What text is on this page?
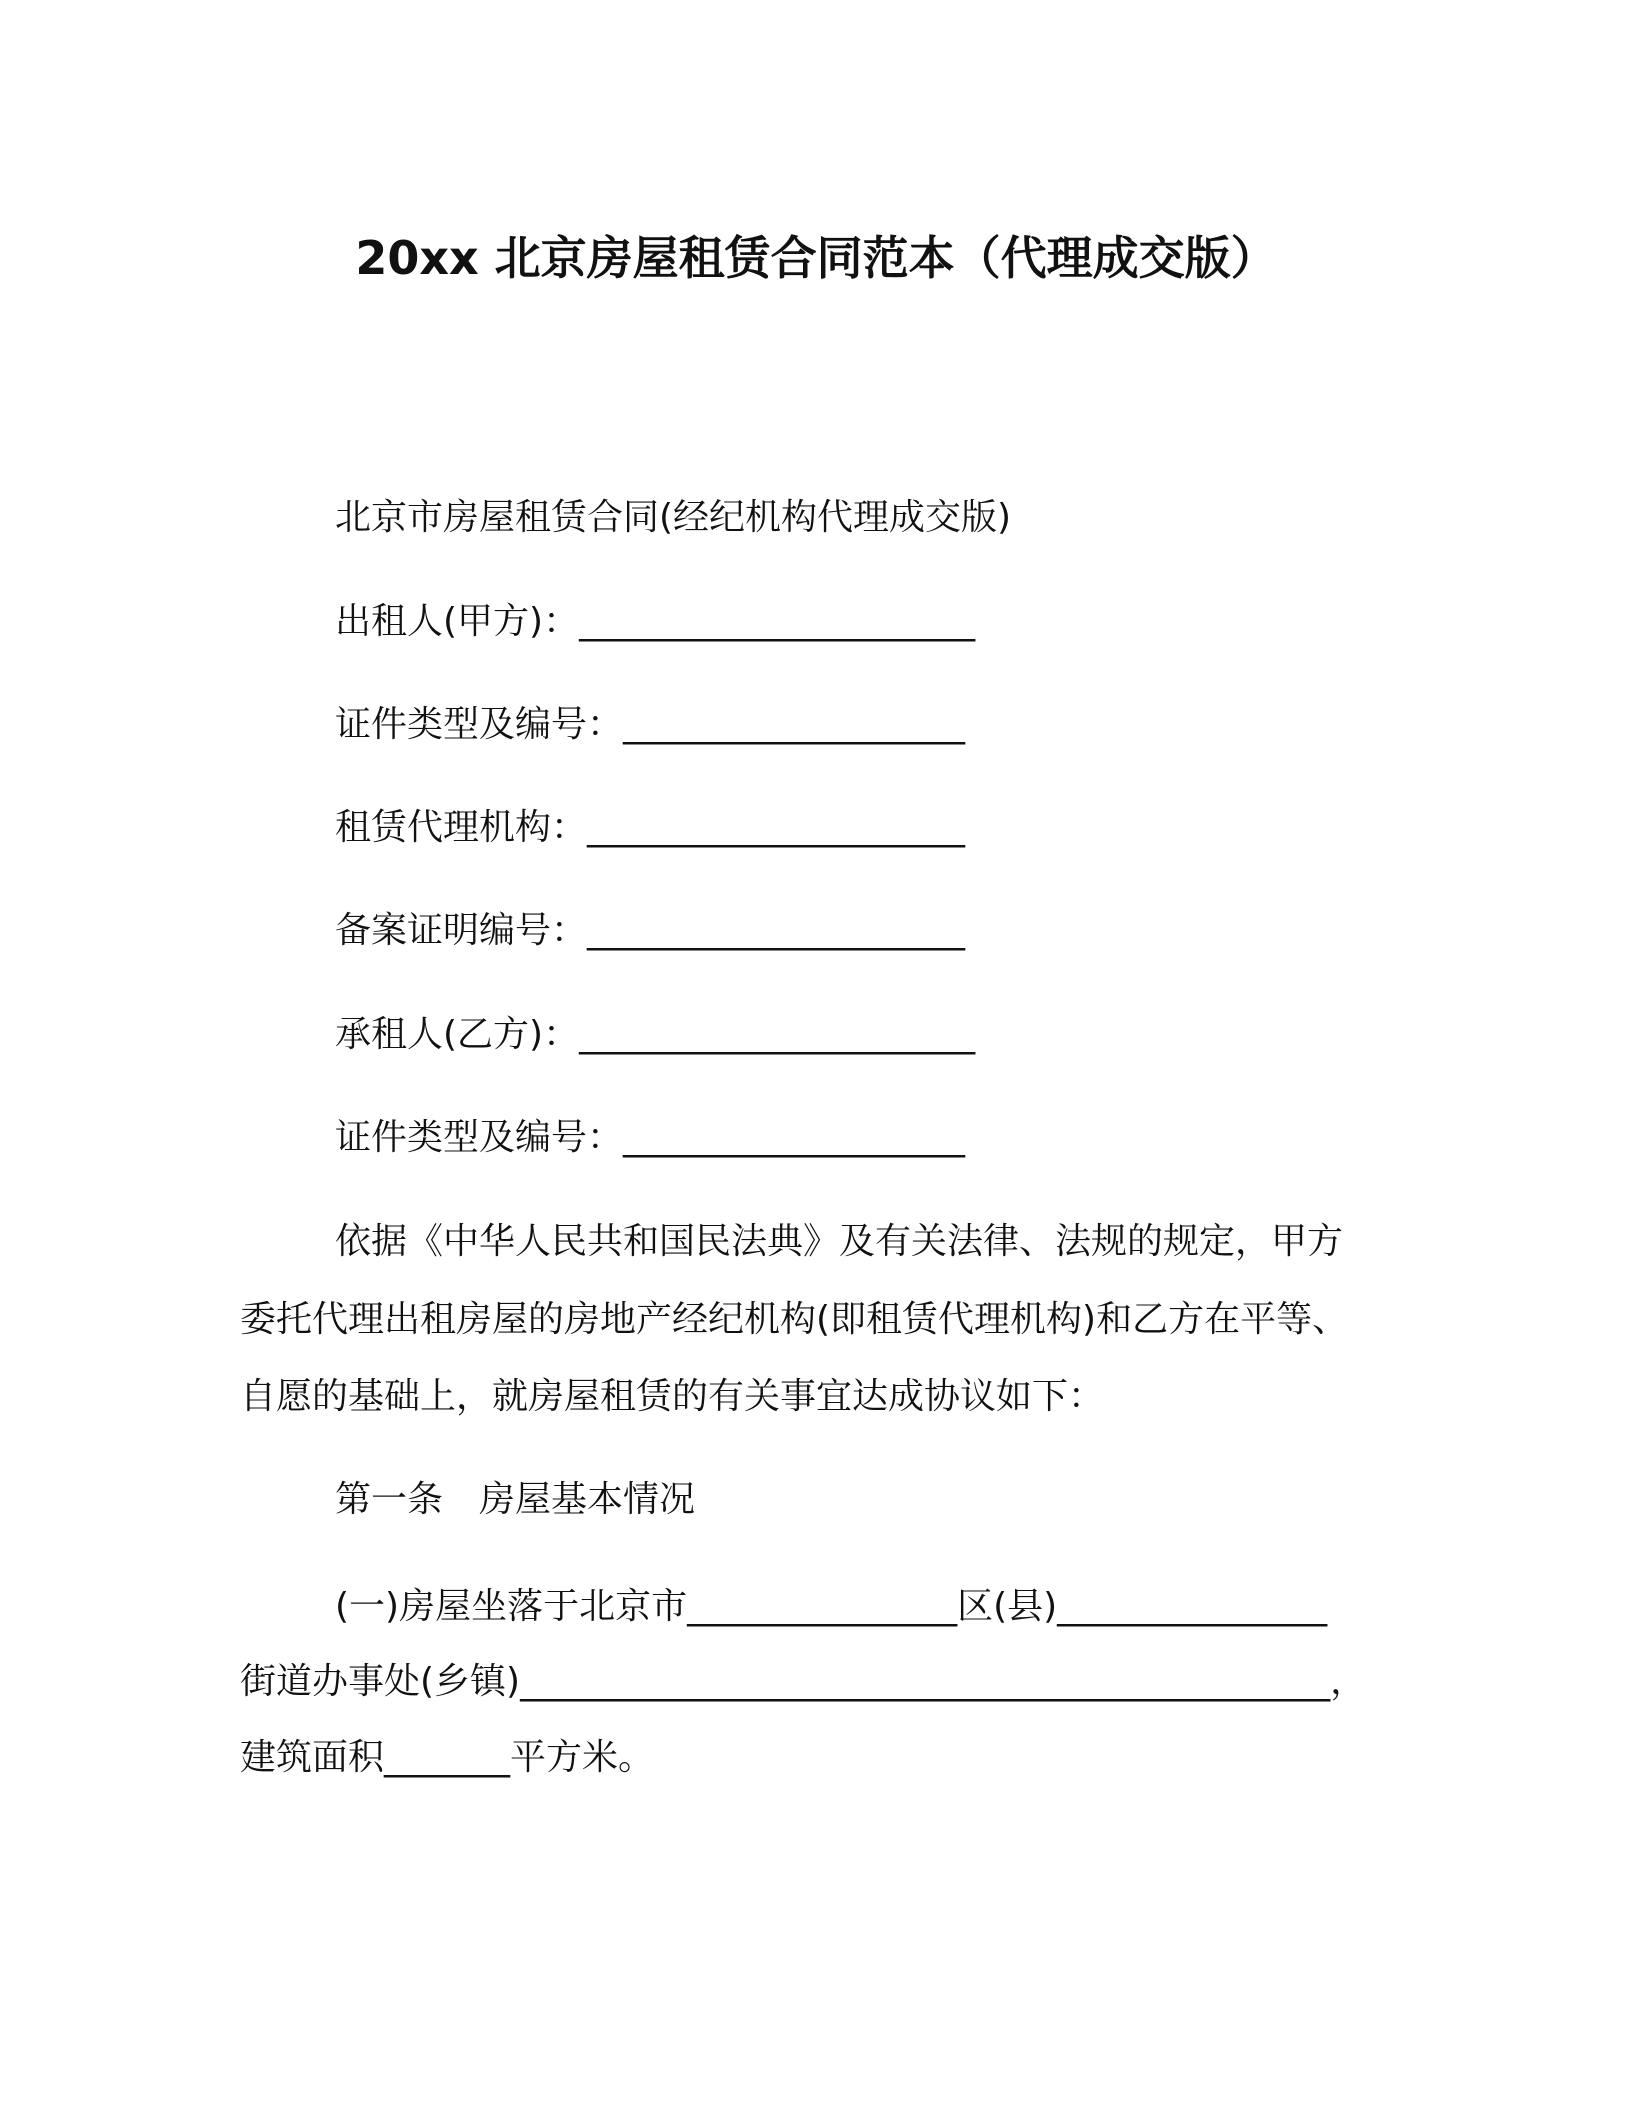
20xx 北京房屋租赁合同范本（代理成交版）
北京市房屋租赁合同(经纪机构代理成交版)
出租人(甲方)：______________________
证件类型及编号：___________________
租赁代理机构：_____________________
备案证明编号：_____________________
承租人(乙方)：______________________
证件类型及编号：___________________
依据《中华人民共和国民法典》及有关法律、法规的规定，甲方
委托代理出租房屋的房地产经纪机构(即租赁代理机构)和乙方在平等、
自愿的基础上，就房屋租赁的有关事宜达成协议如下：
第一条　房屋基本情况
(一)房屋坐落于北京市_______________区(县)_______________
街道办事处(乡镇)_____________________________________________，
建筑面积_______平方米。
